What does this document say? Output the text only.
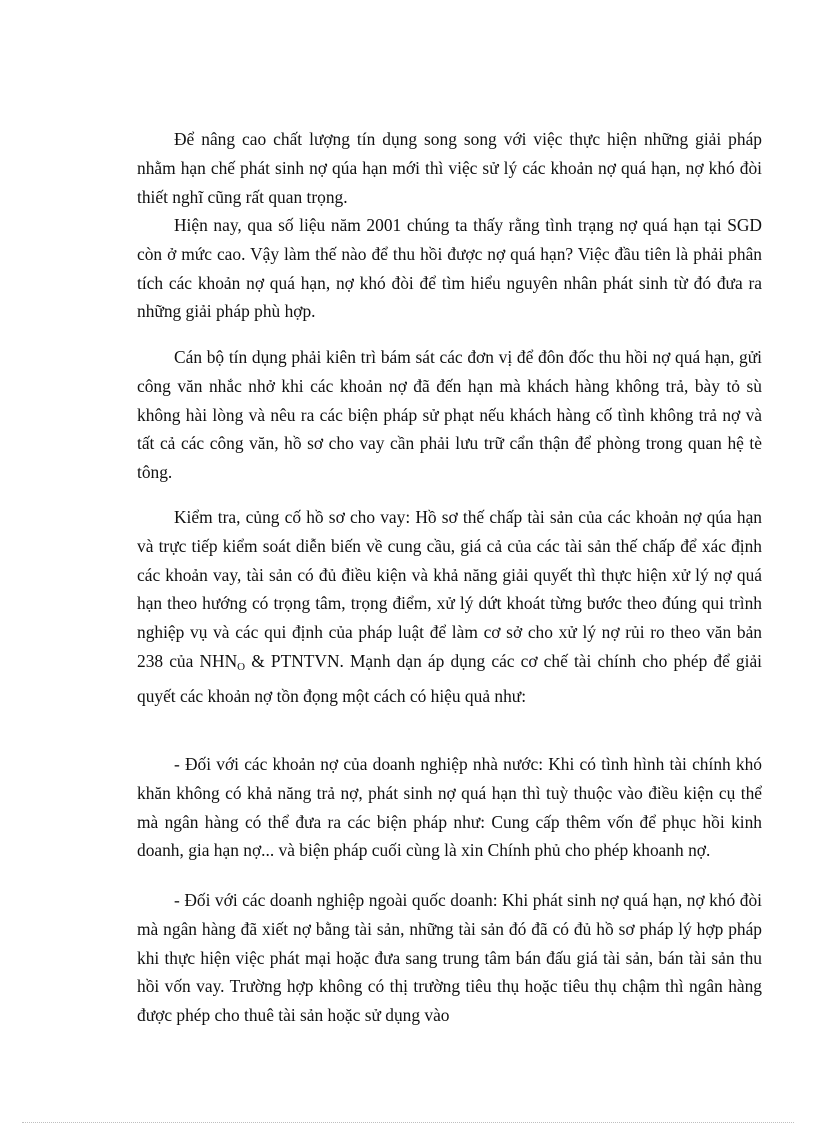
Để nâng cao chất lượng tín dụng song song với việc thực hiện những giải pháp nhằm hạn chế phát sinh nợ qúa hạn mới thì việc sử lý các khoản nợ quá hạn, nợ khó đòi thiết nghĩ cũng rất quan trọng.

Hiện nay, qua số liệu năm 2001 chúng ta thấy rằng tình trạng nợ quá hạn tại SGD còn ở mức cao. Vậy làm thế nào để thu hồi được nợ quá hạn? Việc đầu tiên là phải phân tích các khoản nợ quá hạn, nợ khó đòi để tìm hiểu nguyên nhân phát sinh từ đó đưa ra những giải pháp phù hợp.

Cán bộ tín dụng phải kiên trì bám sát các đơn vị để đôn đốc thu hồi nợ quá hạn, gửi công văn nhắc nhở khi các khoản nợ đã đến hạn mà khách hàng không trả, bày tỏ sù không hài lòng và nêu ra các biện pháp sử phạt nếu khách hàng cố tình không trả nợ và tất cả các công văn, hồ sơ cho vay cần phải lưu trữ cẩn thận để phòng trong quan hệ tè tông.

Kiểm tra, củng cố hồ sơ cho vay: Hồ sơ thế chấp tài sản của các khoản nợ qúa hạn và trực tiếp kiểm soát diễn biến về cung cầu, giá cả của các tài sản thế chấp để xác định các khoản vay, tài sản có đủ điều kiện và khả năng giải quyết thì thực hiện xử lý nợ quá hạn theo hướng có trọng tâm, trọng điểm, xử lý dứt khoát từng bước theo đúng qui trình nghiệp vụ và các qui định của pháp luật để làm cơ sở cho xử lý nợ rủi ro theo văn bản 238 của $NHN_O$ & PTNTVN. Mạnh dạn áp dụng các cơ chế tài chính cho phép để giải quyết các khoản nợ tồn đọng một cách có hiệu quả như:

- Đối với các khoản nợ của doanh nghiệp nhà nước: Khi có tình hình tài chính khó khăn không có khả năng trả nợ, phát sinh nợ quá hạn thì tuỳ thuộc vào điều kiện cụ thể mà ngân hàng có thể đưa ra các biện pháp như: Cung cấp thêm vốn để phục hồi kinh doanh, gia hạn nợ... và biện pháp cuối cùng là xin Chính phủ cho phép khoanh nợ.

- Đối với các doanh nghiệp ngoài quốc doanh: Khi phát sinh nợ quá hạn, nợ khó đòi mà ngân hàng đã xiết nợ bằng tài sản, những tài sản đó đã có đủ hồ sơ pháp lý hợp pháp khi thực hiện việc phát mại hoặc đưa sang trung tâm bán đấu giá tài sản, bán tài sản thu hồi vốn vay. Trường hợp không có thị trường tiêu thụ hoặc tiêu thụ chậm thì ngân hàng được phép cho thuê tài sản hoặc sử dụng vào
